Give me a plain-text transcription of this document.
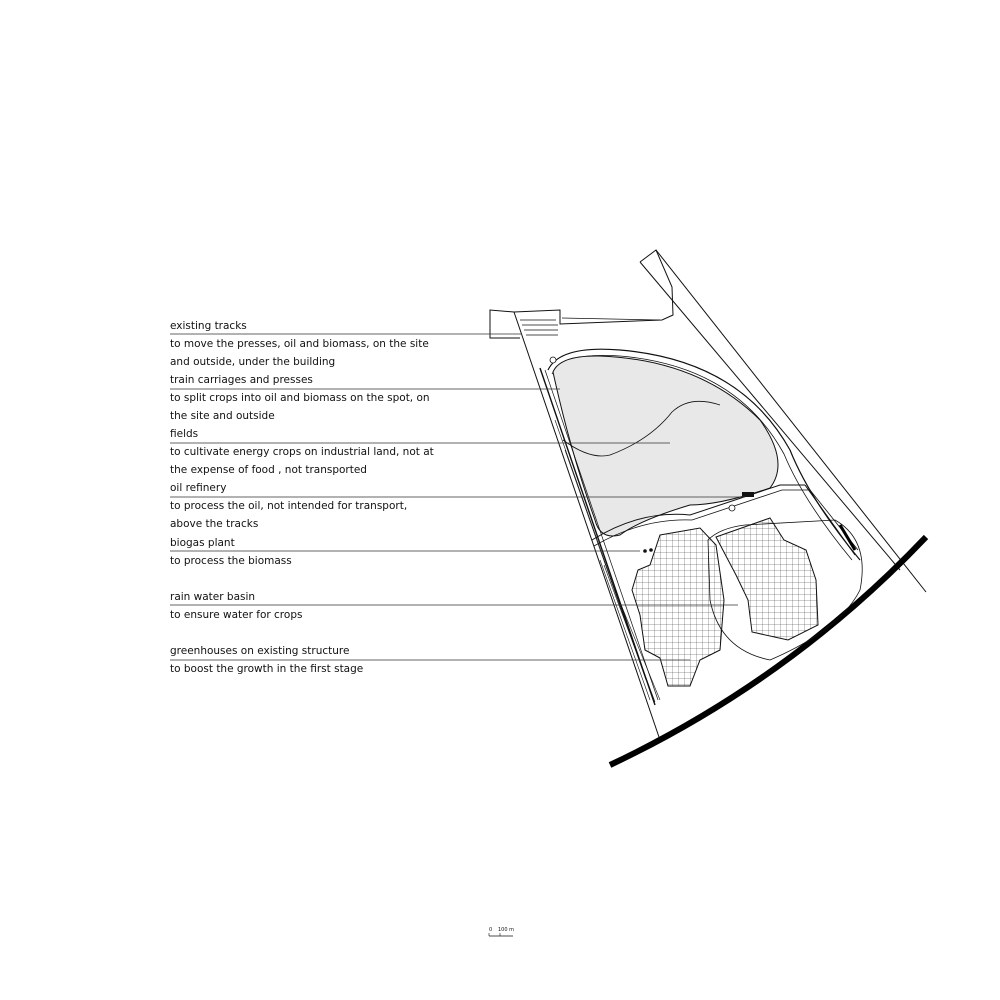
existing tracks
to move the presses, oil and biomass, on the site
and outside, under the building
train carriages and presses
to split crops into oil and biomass on the spot, on
the site and outside
fields
to cultivate energy crops on industrial land, not at
the expense of food , not transported
oil refinery
to process the oil, not intended for transport,
above the tracks
biogas plant
to process the biomass
rain water basin
to ensure water for crops
greenhouses on existing structure
to boost the growth in the first stage
0 100 m
